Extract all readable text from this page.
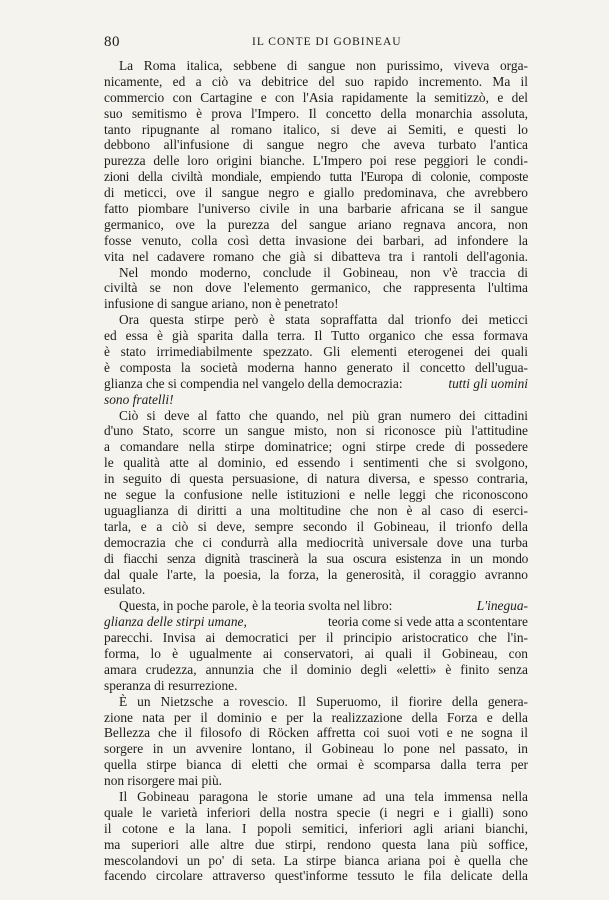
80	IL CONTE DI GOBINEAU
La Roma italica, sebbene di sangue non purissimo, viveva orga-
nicamente, ed a ciò va debitrice del suo rapido incremento. Ma il
commercio con Cartagine e con l'Asia rapidamente la semitizzò, e del
suo semitismo è prova l'Impero. Il concetto della monarchia assoluta,
tanto ripugnante al romano italico, si deve ai Semiti, e questi lo
debbono all'infusione di sangue negro che aveva turbato l'antica
purezza delle loro origini bianche. L'Impero poi rese peggiori le condi-
zioni della civiltà mondiale, empiendo tutta l'Europa di colonie, composte
di meticci, ove il sangue negro e giallo predominava, che avrebbero
fatto piombare l'universo civile in una barbarie africana se il sangue
germanico, ove la purezza del sangue ariano regnava ancora, non
fosse venuto, colla così detta invasione dei barbari, ad infondere la
vita nel cadavere romano che già si dibatteva tra i rantoli dell'agonia.
Nel mondo moderno, conclude il Gobineau, non v'è traccia di
civiltà se non dove l'elemento germanico, che rappresenta l'ultima
infusione di sangue ariano, non è penetrato!
Ora questa stirpe però è stata sopraffatta dal trionfo dei meticci
ed essa è già sparita dalla terra. Il Tutto organico che essa formava
è stato irrimediabilmente spezzato. Gli elementi eterogenei dei quali
è composta la società moderna hanno generato il concetto dell'ugua-
glianza che si compendia nel vangelo della democrazia:	tutti gli uomini
sono fratelli!
Ciò si deve al fatto che quando, nel più gran numero dei cittadini
d'uno Stato, scorre un sangue misto, non si riconosce più l'attitudine
a comandare nella stirpe dominatrice; ogni stirpe crede di possedere
le qualità atte al dominio, ed essendo i sentimenti che si svolgono,
in seguito di questa persuasione, di natura diversa, e spesso contraria,
ne segue la confusione nelle istituzioni e nelle leggi che riconoscono
uguaglianza di diritti a una moltitudine che non è al caso di eserci-
tarla, e a ciò si deve, sempre secondo il Gobineau, il trionfo della
democrazia che ci condurrà alla mediocrità universale dove una turba
di fiacchi senza dignità trascinerà la sua oscura esistenza in un mondo
dal quale l'arte, la poesia, la forza, la generosità, il coraggio avranno
esulato.
Questa, in poche parole, è la teoria svolta nel libro:	L'inegua-
glianza delle stirpi umane,	teoria come si vede atta a scontentare
parecchi. Invisa ai democratici per il principio aristocratico che l'in-
forma, lo è ugualmente ai conservatori, ai quali il Gobineau, con
amara crudezza, annunzia che il dominio degli «eletti» è finito senza
speranza di resurrezione.
È un Nietzsche a rovescio. Il Superuomo, il fiorire della genera-
zione nata per il dominio e per la realizzazione della Forza e della
Bellezza che il filosofo di Röcken affretta coi suoi voti e ne sogna il
sorgere in un avvenire lontano, il Gobineau lo pone nel passato, in
quella stirpe bianca di eletti che ormai è scomparsa dalla terra per
non risorgere mai più.
Il Gobineau paragona le storie umane ad una tela immensa nella
quale le varietà inferiori della nostra specie (i negri e i gialli) sono
il cotone e la lana. I popoli semitici, inferiori agli ariani bianchi,
ma superiori alle altre due stirpi, rendono questa lana più soffice,
mescolandovi un po' di seta. La stirpe bianca ariana poi è quella che
facendo circolare attraverso quest'informe tessuto le fila delicate della
